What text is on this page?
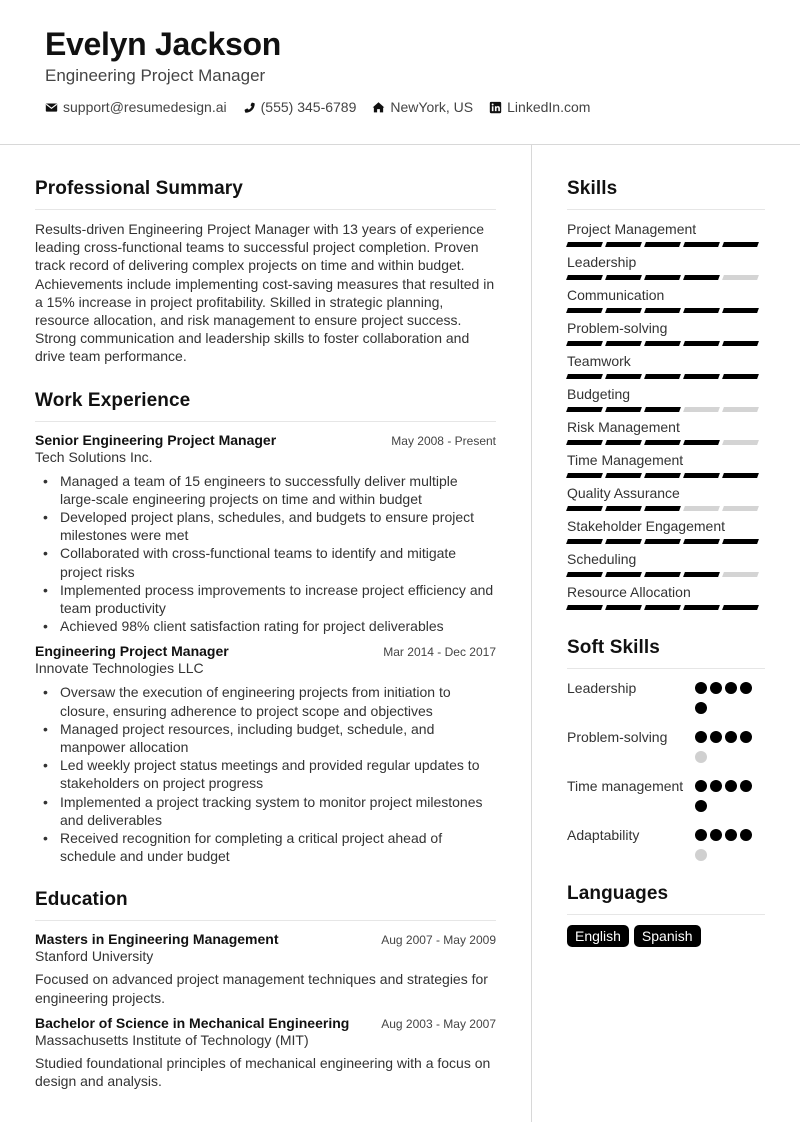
Evelyn Jackson
Engineering Project Manager
support@resumedesign.ai (555) 345-6789 NewYork, US LinkedIn.com
Professional Summary
Results-driven Engineering Project Manager with 13 years of experience leading cross-functional teams to successful project completion. Proven track record of delivering complex projects on time and within budget. Achievements include implementing cost-saving measures that resulted in a 15% increase in project profitability. Skilled in strategic planning, resource allocation, and risk management to ensure project success. Strong communication and leadership skills to foster collaboration and drive team performance.
Work Experience
Senior Engineering Project Manager	May 2008 - Present
Tech Solutions Inc.
• Managed a team of 15 engineers to successfully deliver multiple large-scale engineering projects on time and within budget
• Developed project plans, schedules, and budgets to ensure project milestones were met
• Collaborated with cross-functional teams to identify and mitigate project risks
• Implemented process improvements to increase project efficiency and team productivity
• Achieved 98% client satisfaction rating for project deliverables
Engineering Project Manager	Mar 2014 - Dec 2017
Innovate Technologies LLC
• Oversaw the execution of engineering projects from initiation to closure, ensuring adherence to project scope and objectives
• Managed project resources, including budget, schedule, and manpower allocation
• Led weekly project status meetings and provided regular updates to stakeholders on project progress
• Implemented a project tracking system to monitor project milestones and deliverables
• Received recognition for completing a critical project ahead of schedule and under budget
Education
Masters in Engineering Management	Aug 2007 - May 2009
Stanford University
Focused on advanced project management techniques and strategies for engineering projects.
Bachelor of Science in Mechanical Engineering	Aug 2003 - May 2007
Massachusetts Institute of Technology (MIT)
Studied foundational principles of mechanical engineering with a focus on design and analysis.
Skills
Project Management
Leadership
Communication
Problem-solving
Teamwork
Budgeting
Risk Management
Time Management
Quality Assurance
Stakeholder Engagement
Scheduling
Resource Allocation
Soft Skills
Leadership
Problem-solving
Time management
Adaptability
Languages
English	Spanish
